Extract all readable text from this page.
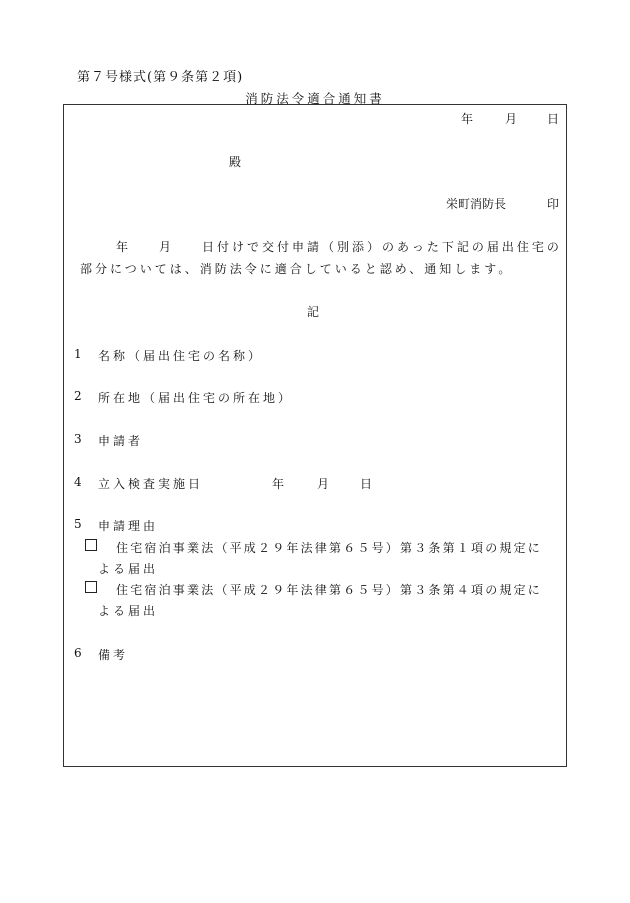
第７号様式(第９条第２項)
消防法令適合通知書
年	月 日
殿
栄町消防長	印
年	月	日付けで交付申請（別添）のあった下記の届出住宅の
部分については、消防法令に適合していると認め、通知します。
記
1 名称（届出住宅の名称）
2 所在地（届出住宅の所在地）
3 申請者
4 立入検査実施日	年	月	日
5 申請理由
住宅宿泊事業法（平成２９年法律第６５号）第３条第１項の規定に
よる届出
住宅宿泊事業法（平成２９年法律第６５号）第３条第４項の規定に
よる届出
6 備考
